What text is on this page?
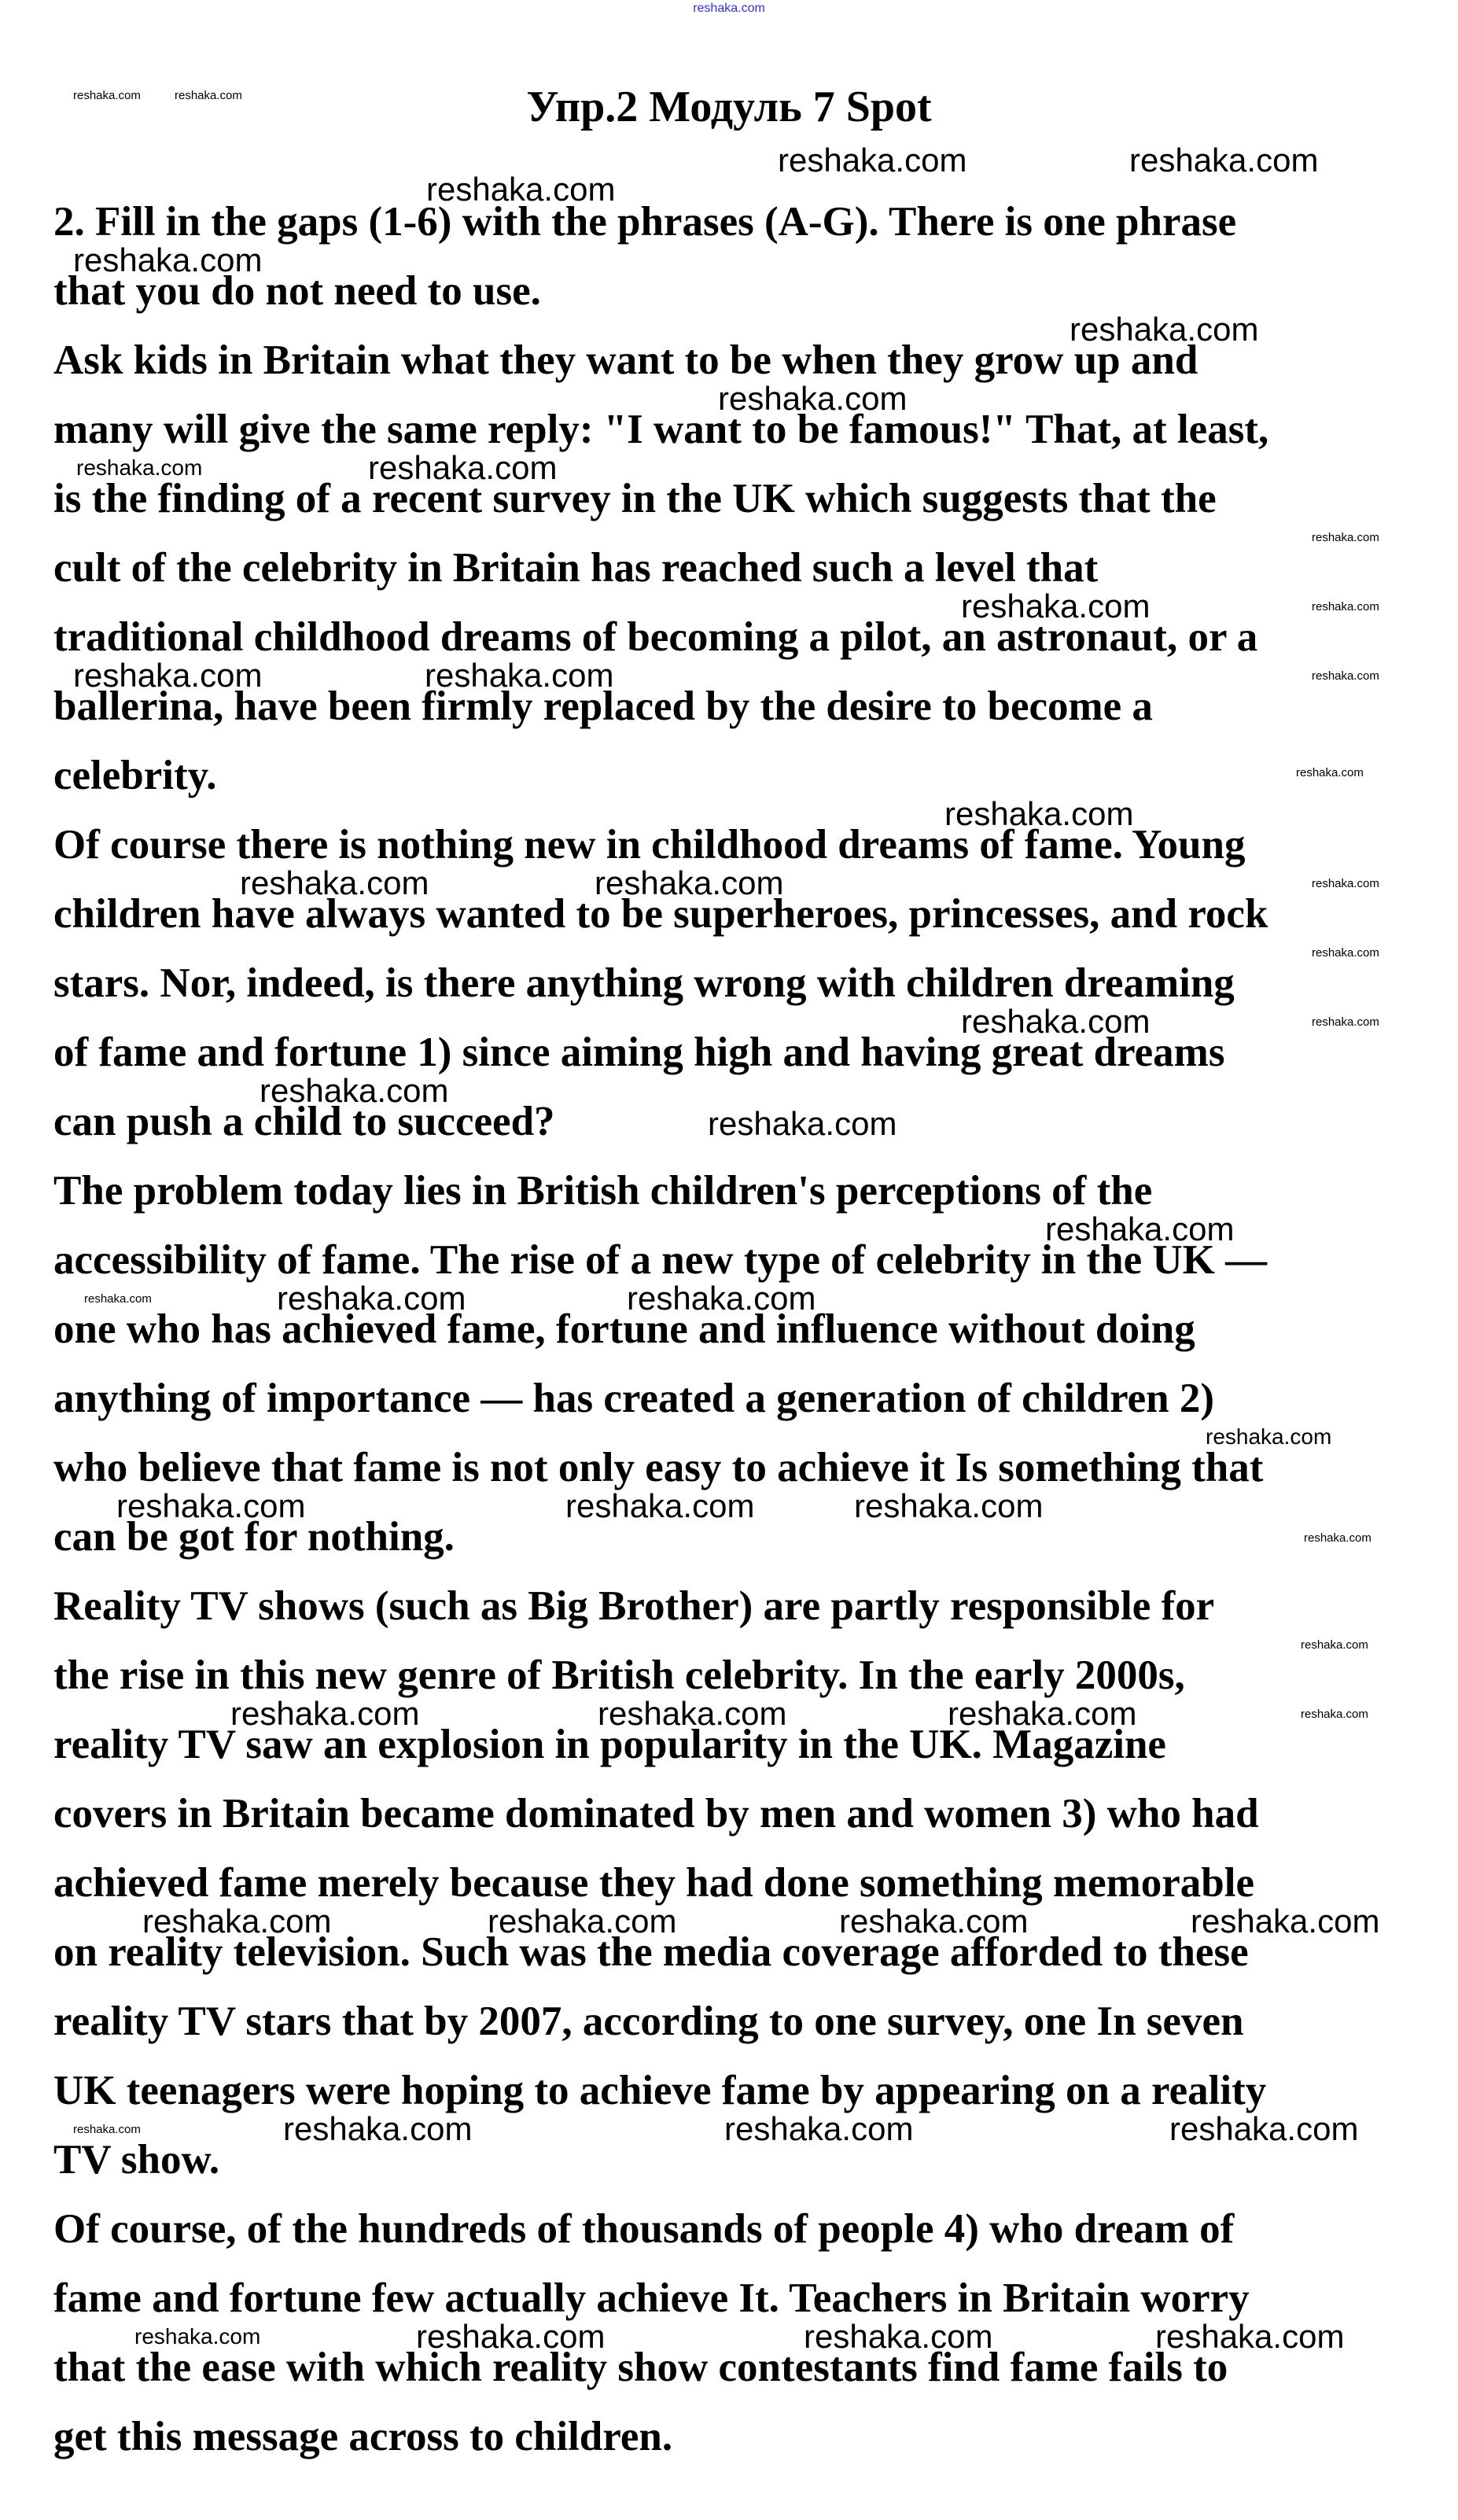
reshaka.com
Упр.2 Модуль 7 Spot
2. Fill in the gaps (1-6) with the phrases (A-G). There is one phrase
that you do not need to use.
Ask kids in Britain what they want to be when they grow up and
many will give the same reply: "I want to be famous!" That, at least,
is the finding of a recent survey in the UK which suggests that the
cult of the celebrity in Britain has reached such a level that
traditional childhood dreams of becoming a pilot, an astronaut, or a
ballerina, have been firmly replaced by the desire to become a
celebrity.
Of course there is nothing new in childhood dreams of fame. Young
children have always wanted to be superheroes, princesses, and rock
stars. Nor, indeed, is there anything wrong with children dreaming
of fame and fortune 1) since aiming high and having great dreams
can push a child to succeed?
The problem today lies in British children's perceptions of the
accessibility of fame. The rise of a new type of celebrity in the UK —
one who has achieved fame, fortune and influence without doing
anything of importance — has created a generation of children 2)
who believe that fame is not only easy to achieve it Is something that
can be got for nothing.
Reality TV shows (such as Big Brother) are partly responsible for
the rise in this new genre of British celebrity. In the early 2000s,
reality TV saw an explosion in popularity in the UK. Magazine
covers in Britain became dominated by men and women 3) who had
achieved fame merely because they had done something memorable
on reality television. Such was the media coverage afforded to these
reality TV stars that by 2007, according to one survey, one In seven
UK teenagers were hoping to achieve fame by appearing on a reality
TV show.
Of course, of the hundreds of thousands of people 4) who dream of
fame and fortune few actually achieve It. Teachers in Britain worry
that the ease with which reality show contestants find fame fails to
get this message across to children.
reshaka.com
reshaka.com	reshaka.com
reshaka.com
reshaka.com
reshaka.com
reshaka.com
reshaka.com
reshaka.com	reshaka.com
reshaka.com
reshaka.com	reshaka.com
reshaka.com
reshaka.com
reshaka.com
reshaka.com
reshaka.com	reshaka.com
reshaka.com	reshaka.com	reshaka.com
reshaka.com	reshaka.com	reshaka.com
reshaka.com	reshaka.com	reshaka.com	reshaka.com
reshaka.com	reshaka.com	reshaka.com
reshaka.com	reshaka.com	reshaka.com
reshaka.com
reshaka.com
reshaka.com
reshaka.com	reshaka.com
reshaka.com
reshaka.com
reshaka.com
reshaka.com
reshaka.com
reshaka.com
reshaka.com
reshaka.com
reshaka.com
reshaka.com
reshaka.com
reshaka.com
